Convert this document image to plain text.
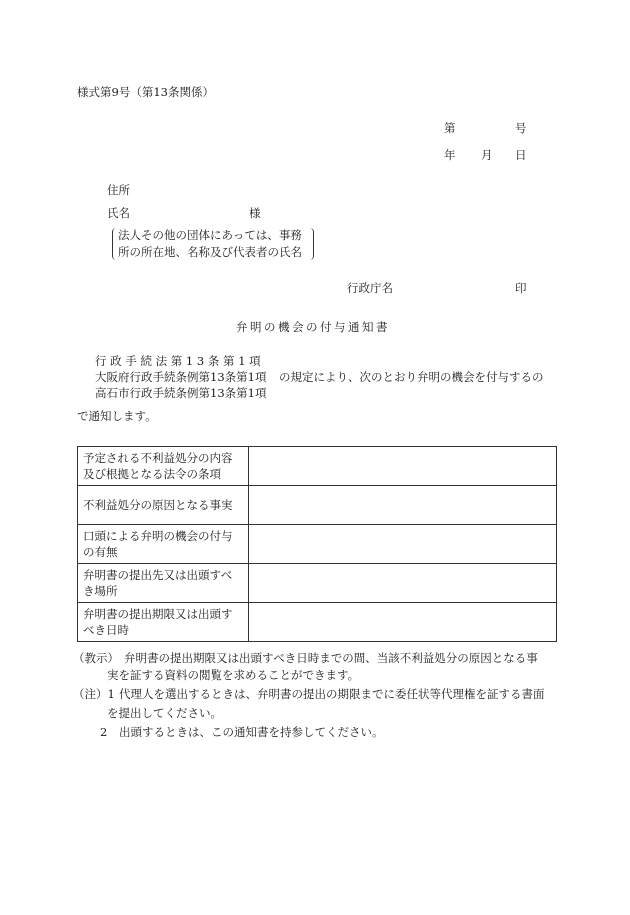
様式第9号（第13条関係）
第	号
年 月 日
住所
氏名	様
法人その他の団体にあっては、事務
所の所在地、名称及び代表者の氏名
行政庁名	印
弁明の機会の付与通知書
行 政 手 続 法 第 1 3 条 第 1 項
大阪府行政手続条例第13条第1項
高石市行政手続条例第13条第1項
の規定により、次のとおり弁明の機会を付与するの
で通知します。
予定される不利益処分の内容
及び根拠となる法令の条項	

不利益処分の原因となる事実	

口頭による弁明の機会の付与
の有無	

弁明書の提出先又は出頭すべ
き場所	

弁明書の提出期限又は出頭す
べき日時	

（教示） 弁明書の提出期限又は出頭すべき日時までの間、当該不利益処分の原因となる事
実を証する資料の閲覧を求めることができます。
（注）1 代理人を選出するときは、弁明書の提出の期限までに委任状等代理権を証する書面
を提出してください。
2 出頭するときは、この通知書を持参してください。
